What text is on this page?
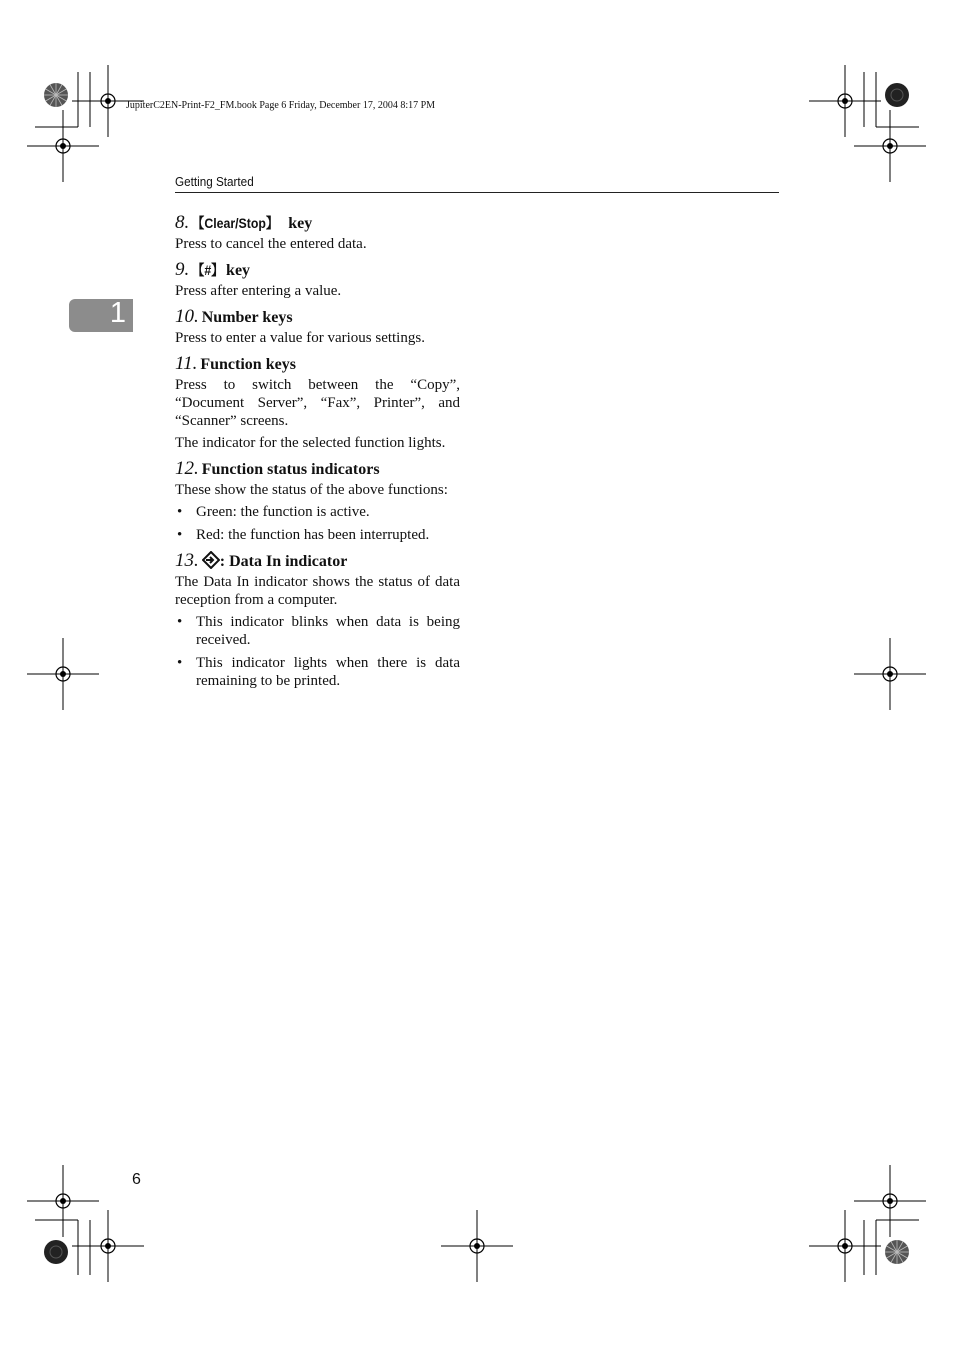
JupiterC2EN-Print-F2_FM.book Page 6 Friday, December 17, 2004 8:17 PM
Getting Started
1
8. 【Clear/Stop】 key

Press to cancel the entered data.

9. 【#】 key

Press after entering a value.

10. Number keys

Press to enter a value for various settings.

11. Function keys

Press to switch between the “Copy”, “Document Server”, “Fax”, Printer”, and “Scanner” screens.

The indicator for the selected function lights.

12. Function status indicators

These show the status of the above functions:

• Green: the function is active.
• Red: the function has been interrupted.
13. : Data In indicator

The Data In indicator shows the status of data reception from a computer.

• This indicator blinks when data is being received.
• This indicator lights when there is data remaining to be printed.
6
